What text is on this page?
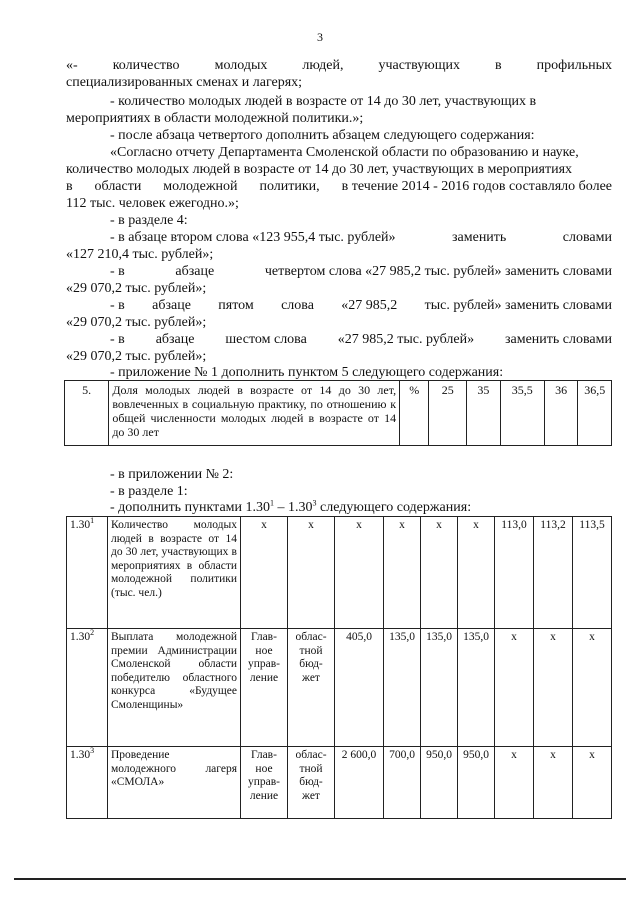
3
«-	количество	молодых	людей,	участвующих	в	профильных
специализированных сменах и лагерях;
- количество молодых людей в возрасте от 14 до 30 лет, участвующих в
мероприятиях в области молодежной политики.»;
- после абзаца четвертого дополнить абзацем следующего содержания:
«Согласно отчету Департамента Смоленской области по образованию и науке,
количество молодых людей в возрасте от 14 до 30 лет, участвующих в мероприятиях
в области молодежной политики, в течение 2014 - 2016 годов составляло более
112 тыс. человек ежегодно.»;
- в разделе 4:
- в абзаце втором слова «123 955,4 тыс. рублей»	заменить	словами
«127 210,4 тыс. рублей»;
- в	абзаце	четвертом слова «27 985,2 тыс. рублей» заменить словами
«29 070,2 тыс. рублей»;
- в абзаце пятом слова «27 985,2 тыс. рублей» заменить словами
«29 070,2 тыс. рублей»;
- в абзаце шестом слова «27 985,2 тыс. рублей» заменить словами
«29 070,2 тыс. рублей»;
- приложение № 1 дополнить пунктом 5 следующего содержания:
5.	Доля молодых людей в возрасте от 14 до 30 лет, вовлеченных в социальную практику, по отношению к общей численности молодых людей в возрасте от 14 до 30 лет	%	25	35	35,5	36	36,5
- в приложении № 2:
- в разделе 1:
- дополнить пунктами 1.30$^1$ – 1.30$^3$ следующего содержания:
1.30$^1$	Количество молодых людей в возрасте от 14 до 30 лет, участвующих в мероприятиях в области молодежной политики (тыс. чел.)	x	x	x	x	x	x	113,0	113,2	113,5
1.30$^2$	Выплата молодежной премии Администрации Смоленской области победителю областного конкурса «Будущее Смоленщины»	Глав-ное управ-ление	облас-тной бюд-жет	405,0	135,0	135,0	135,0	x	x	x
1.30$^3$	Проведение молодежного лагеря «СМОЛА»	Глав-ное управ-ление	облас-тной бюд-жет	2 600,0	700,0	950,0	950,0	x	x	x
